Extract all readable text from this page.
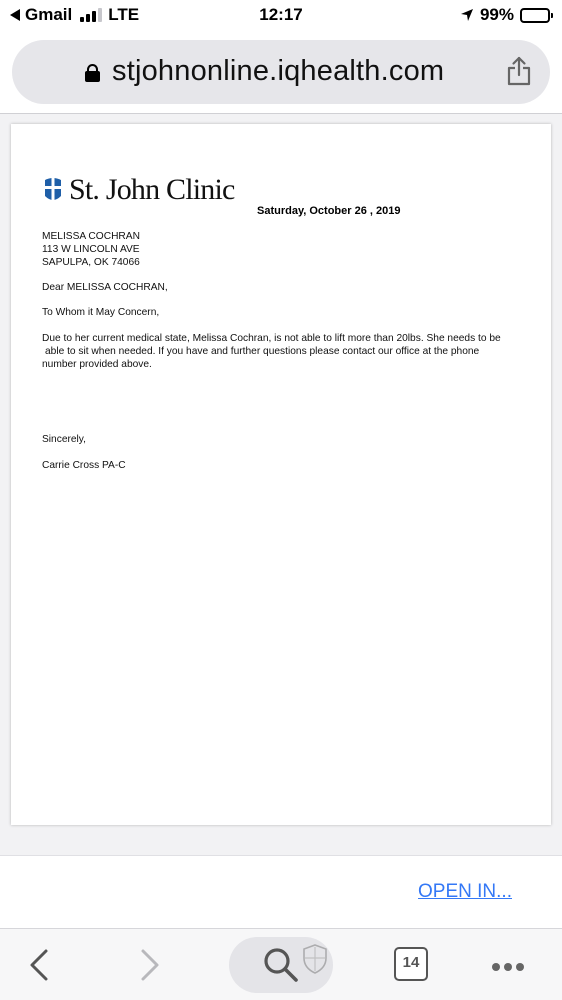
Gmail LTE	12:17	99%
stjohnonline.iqhealth.com
St. John Clinic
Saturday, October 26 , 2019
MELISSA COCHRAN
113 W LINCOLN AVE
SAPULPA, OK 74066
Dear MELISSA COCHRAN,
To Whom it May Concern,
Due to her current medical state, Melissa Cochran, is not able to lift more than 20lbs. She needs to be
able to sit when needed. If you have and further questions please contact our office at the phone
number provided above.
Sincerely,
Carrie Cross PA-C
OPEN IN...
14
